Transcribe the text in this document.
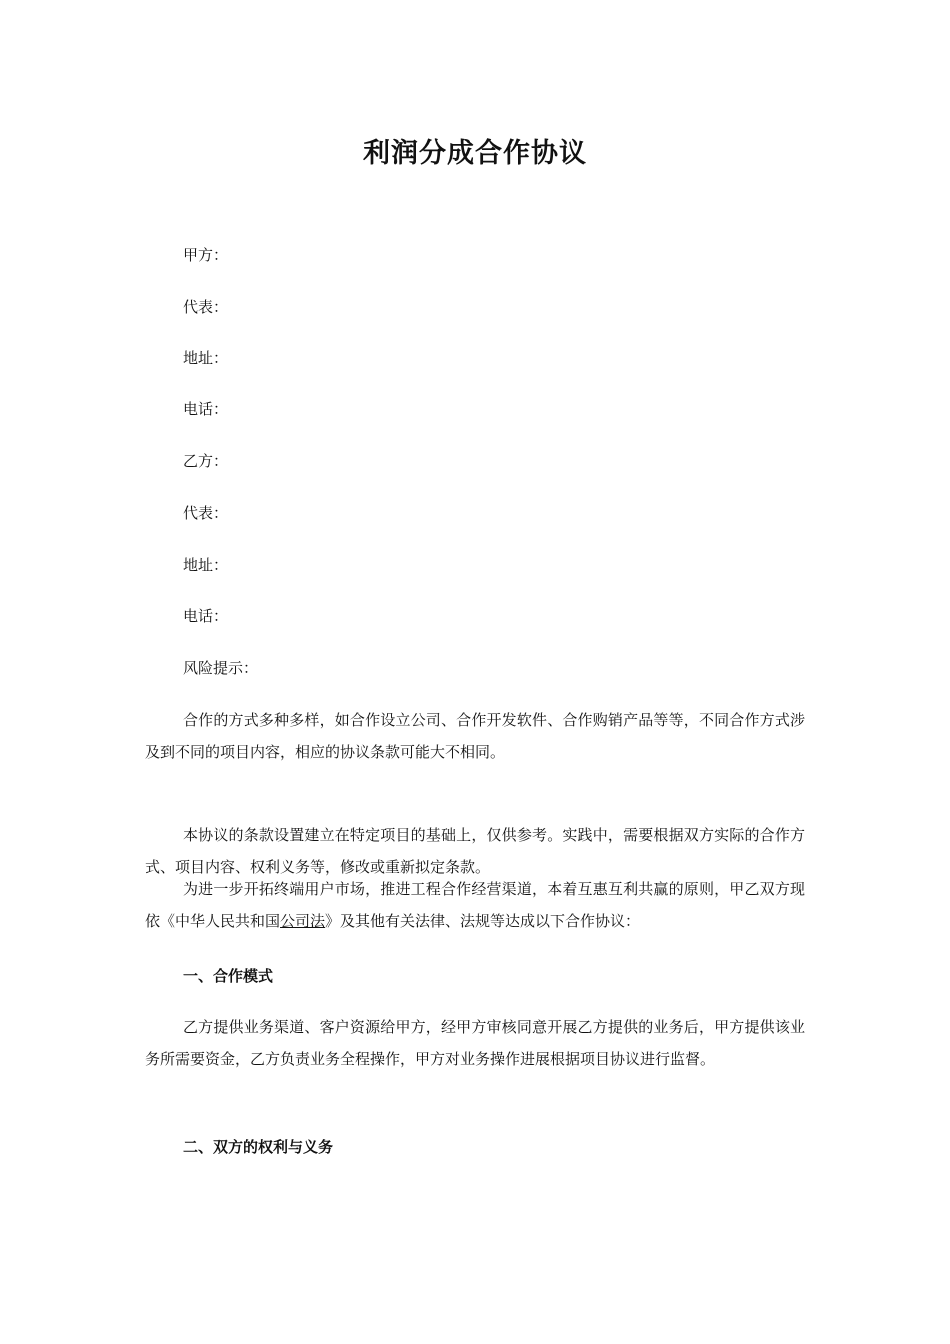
利润分成合作协议
甲方：
代表：
地址：
电话：
乙方：
代表：
地址：
电话：
风险提示：
合作的方式多种多样，如合作设立公司、合作开发软件、合作购销产品等等，不同合作方式涉及到不同的项目内容，相应的协议条款可能大不相同。
本协议的条款设置建立在特定项目的基础上，仅供参考。实践中，需要根据双方实际的合作方式、项目内容、权利义务等，修改或重新拟定条款。
为进一步开拓终端用户市场，推进工程合作经营渠道，本着互惠互利共赢的原则，甲乙双方现依《中华人民共和国公司法》及其他有关法律、法规等达成以下合作协议：
一、合作模式
乙方提供业务渠道、客户资源给甲方，经甲方审核同意开展乙方提供的业务后，甲方提供该业务所需要资金，乙方负责业务全程操作，甲方对业务操作进展根据项目协议进行监督。
二、双方的权利与义务
